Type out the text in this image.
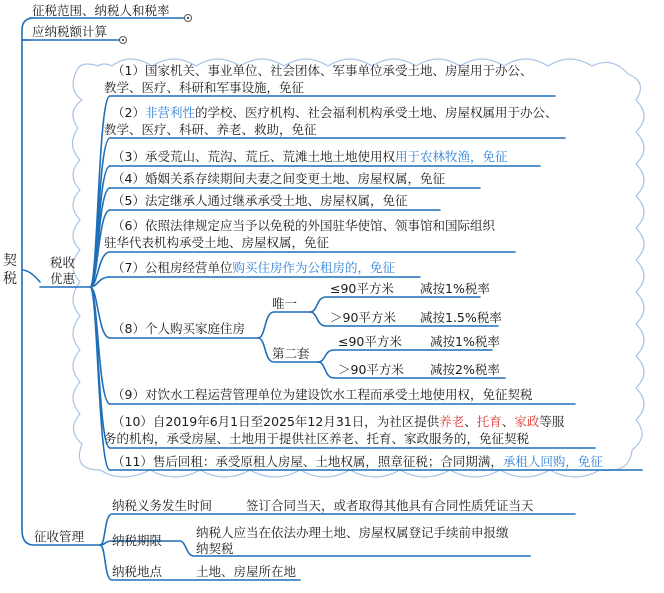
契税
征税范围、纳税人和税率
应纳税额计算
税收
优惠
征收管理
（1）国家机关、事业单位、社会团体、军事单位承受土地、房屋用于办公、
教学、医疗、科研和军事设施，免征
（2）非营利性的学校、医疗机构、社会福利机构承受土地、房屋权属用于办公、
教学、医疗、科研、养老、救助，免征
（3）承受荒山、荒沟、荒丘、荒滩土地土地使用权用于农林牧渔，免征
（4）婚姻关系存续期间夫妻之间变更土地、房屋权属，免征
（5）法定继承人通过继承承受土地、房屋权属，免征
（6）依照法律规定应当予以免税的外国驻华使馆、领事馆和国际组织
驻华代表机构承受土地、房屋权属，免征
（7）公租房经营单位购买住房作为公租房的，免征
（8）个人购买家庭住房
唯一
≤90平方米 减按1%税率
＞90平方米 减按1.5%税率
第二套
≤90平方米 减按1%税率
＞90平方米 减按2%税率
（9）对饮水工程运营管理单位为建设饮水工程而承受土地使用权，免征契税
（10）自2019年6月1日至2025年12月31日，为社区提供养老、托育、家政等服
务的机构，承受房屋、土地用于提供社区养老、托育、家政服务的，免征契税
（11）售后回租：承受原租人房屋、土地权属，照章征税；合同期满，承租人回购，免征
纳税义务发生时间	签订合同当天，或者取得其他具有合同性质凭证当天
纳税期限
纳税人应当在依法办理土地、房屋权属登记手续前申报缴
纳契税
纳税地点	土地、房屋所在地
